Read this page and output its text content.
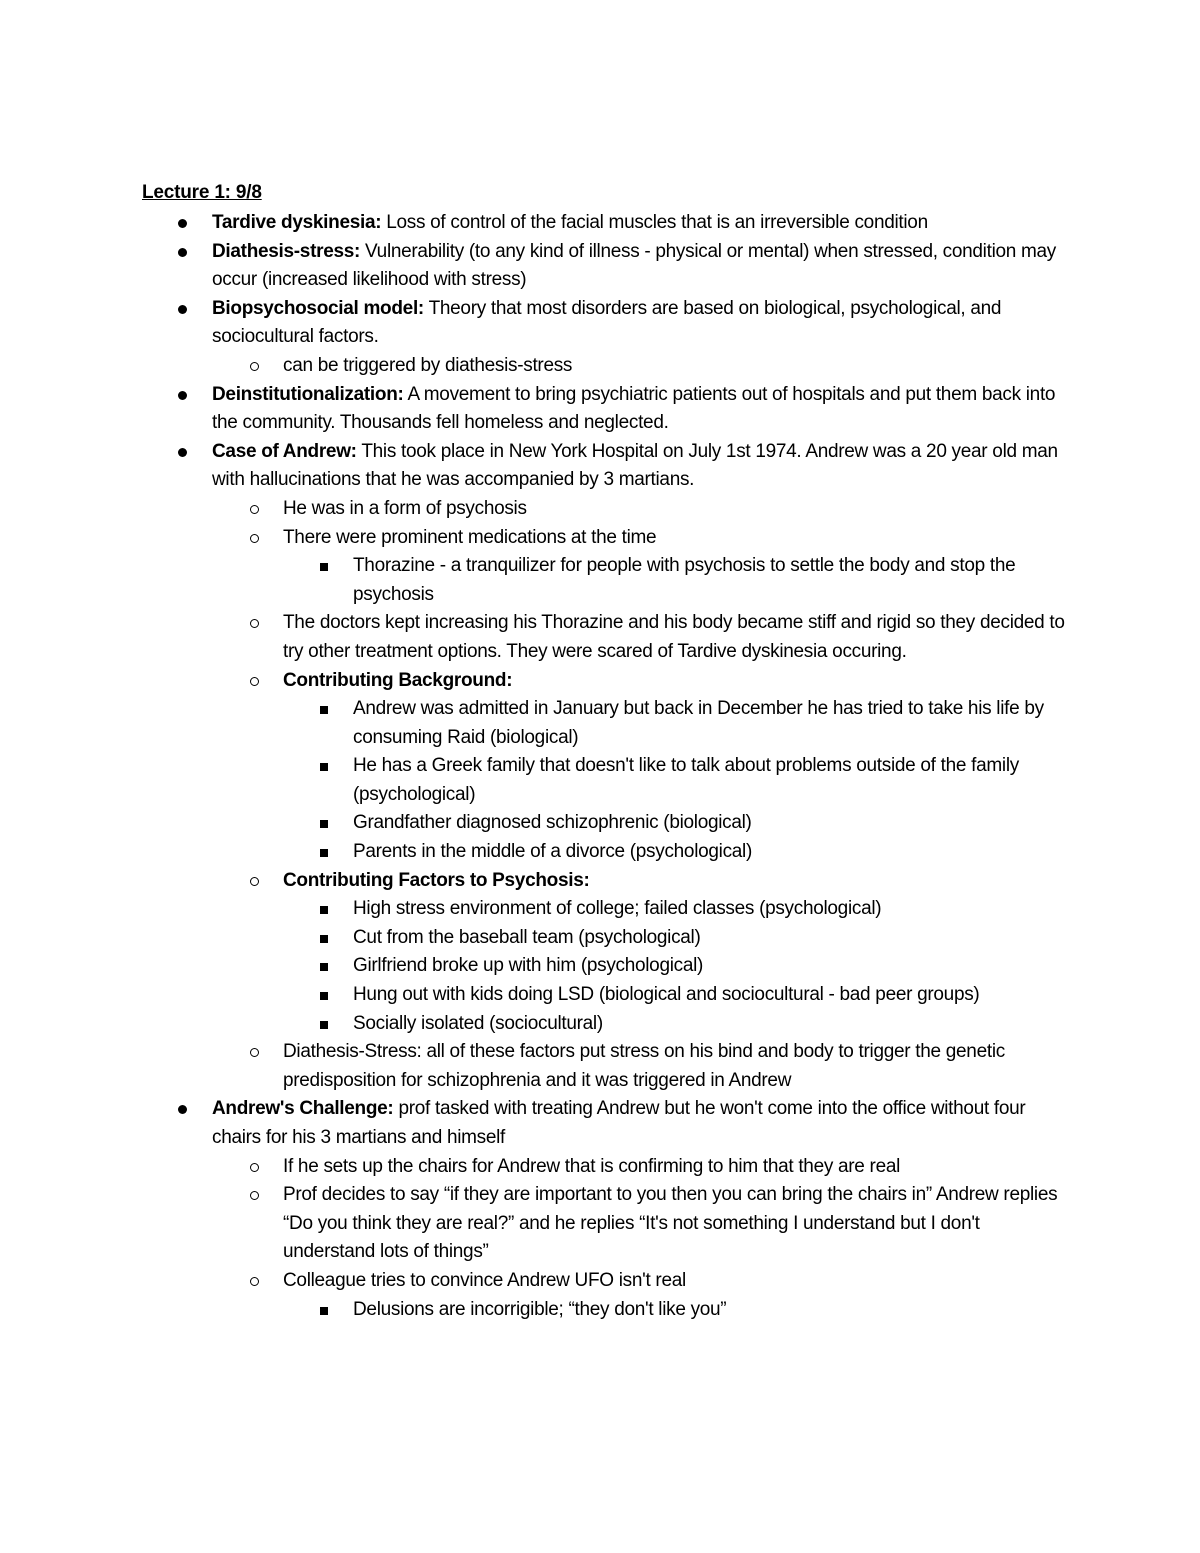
Lecture 1: 9/8
Tardive dyskinesia: Loss of control of the facial muscles that is an irreversible condition
Diathesis-stress: Vulnerability (to any kind of illness - physical or mental) when stressed, condition may occur (increased likelihood with stress)
Biopsychosocial model: Theory that most disorders are based on biological, psychological, and sociocultural factors.
can be triggered by diathesis-stress
Deinstitutionalization: A movement to bring psychiatric patients out of hospitals and put them back into the community. Thousands fell homeless and neglected.
Case of Andrew: This took place in New York Hospital on July 1st 1974. Andrew was a 20 year old man with hallucinations that he was accompanied by 3 martians.
He was in a form of psychosis
There were prominent medications at the time
Thorazine - a tranquilizer for people with psychosis to settle the body and stop the psychosis
The doctors kept increasing his Thorazine and his body became stiff and rigid so they decided to try other treatment options. They were scared of Tardive dyskinesia occuring.
Contributing Background:
Andrew was admitted in January but back in December he has tried to take his life by consuming Raid (biological)
He has a Greek family that doesn't like to talk about problems outside of the family (psychological)
Grandfather diagnosed schizophrenic (biological)
Parents in the middle of a divorce (psychological)
Contributing Factors to Psychosis:
High stress environment of college; failed classes (psychological)
Cut from the baseball team (psychological)
Girlfriend broke up with him (psychological)
Hung out with kids doing LSD (biological and sociocultural - bad peer groups)
Socially isolated (sociocultural)
Diathesis-Stress: all of these factors put stress on his bind and body to trigger the genetic predisposition for schizophrenia and it was triggered in Andrew
Andrew's Challenge: prof tasked with treating Andrew but he won't come into the office without four chairs for his 3 martians and himself
If he sets up the chairs for Andrew that is confirming to him that they are real
Prof decides to say “if they are important to you then you can bring the chairs in” Andrew replies “Do you think they are real?” and he replies “It's not something I understand but I don't understand lots of things”
Colleague tries to convince Andrew UFO isn't real
Delusions are incorrigible; “they don't like you”
